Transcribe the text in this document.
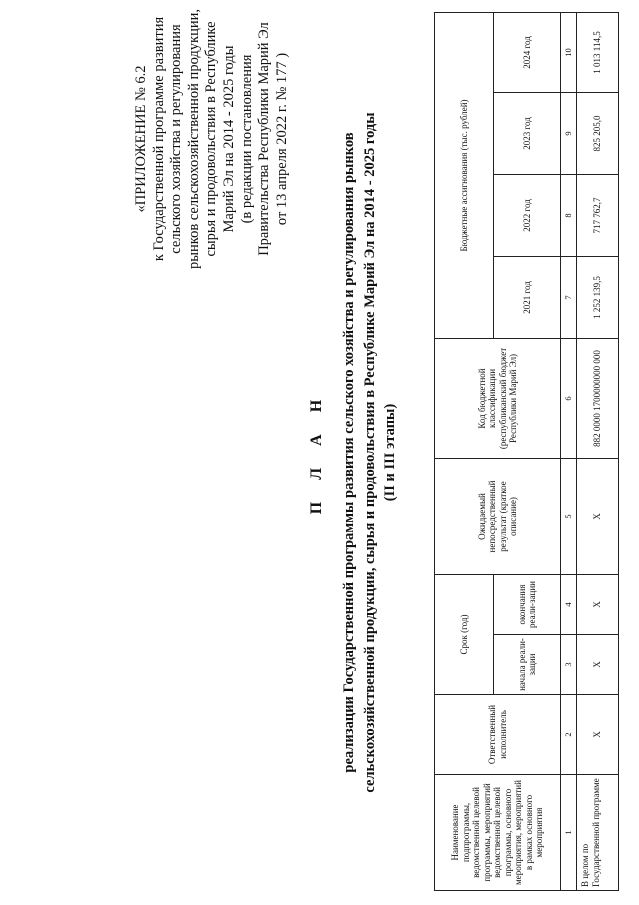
«ПРИЛОЖЕНИЕ № 6.2 к Государственной программе развития сельского хозяйства и регулирования рынков сельскохозяйственной продукции, сырья и продовольствия в Республике Марий Эл на 2014 - 2025 годы (в редакции постановления Правительства Республики Марий Эл от 13 апреля 2022 г. № 177 )
П Л А Н реализации Государственной программы развития сельского хозяйства и регулирования рынков сельскохозяйственной продукции, сырья и продовольствия в Республике Марий Эл на 2014 - 2025 годы (II и III этапы)
Наименование подпрограммы, ведомственной целевой программы, мероприятий ведомственной целевой программы, основного мероприятия, мероприятий в рамках основного мероприятия	Ответственный исполнитель	Срок (год)		Ожидаемый непосредственный результат (краткое описание)	Код бюджетной классификации (республиканский бюджет Республики Марий Эл)	Бюджетные ассигнования (тыс. рублей)			
		начала реали-зации	окончания реали-зации			2021 год	2022 год	2023 год	2024 год
1	2	3	4	5	6	7	8	9	10
В целом по Государственной программе	Х	Х	Х	Х	882 0000 1700000000 000	1 252 139,5	717 762,7	825 205,0	1 013 114,5
